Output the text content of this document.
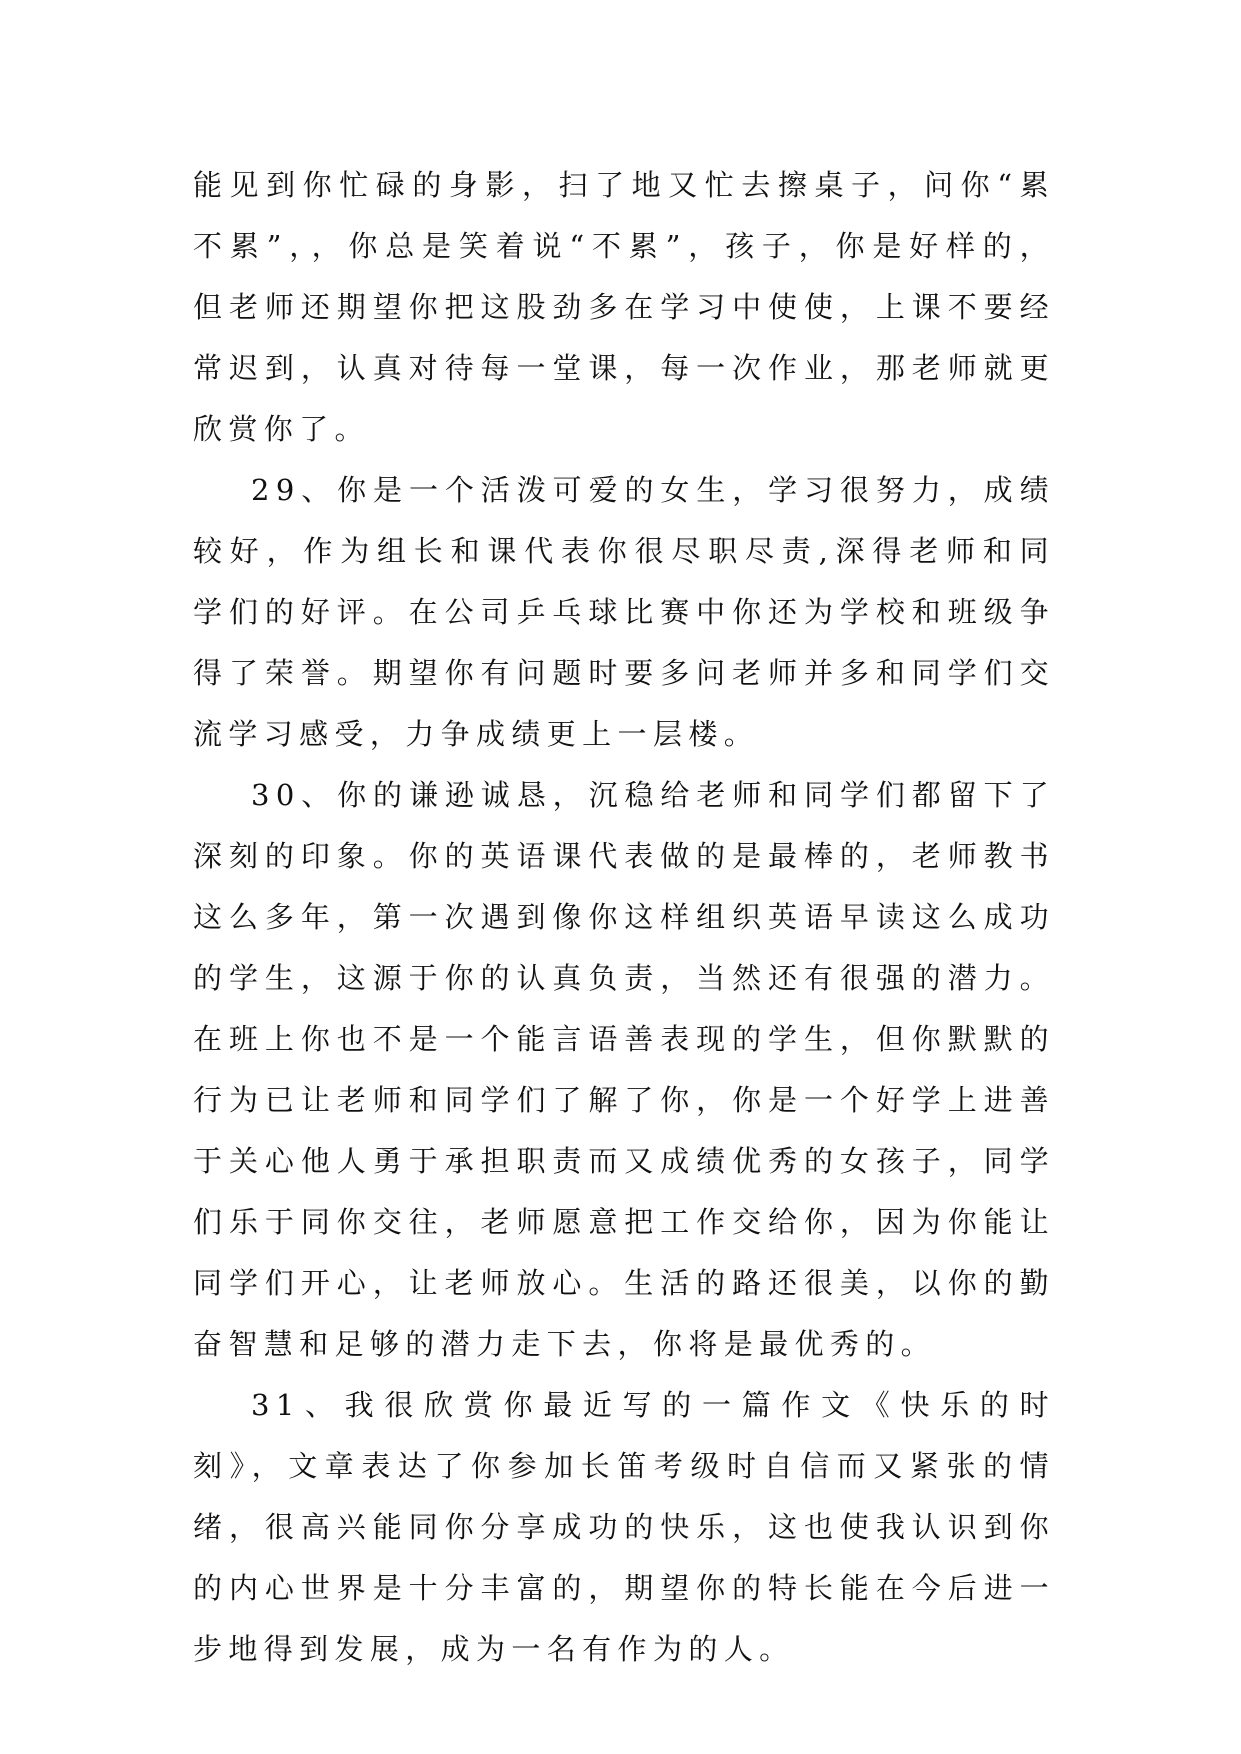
能见到你忙碌的身影，扫了地又忙去擦桌子，问你“累不累”，，你总是笑着说“不累”，孩子，你是好样的，但老师还期望你把这股劲多在学习中使使，上课不要经常迟到，认真对待每一堂课，每一次作业，那老师就更欣赏你了。

29、你是一个活泼可爱的女生，学习很努力，成绩较好，作为组长和课代表你很尽职尽责,深得老师和同学们的好评。在公司乒乓球比赛中你还为学校和班级争得了荣誉。期望你有问题时要多问老师并多和同学们交流学习感受，力争成绩更上一层楼。

30、你的谦逊诚恳，沉稳给老师和同学们都留下了深刻的印象。你的英语课代表做的是最棒的，老师教书这么多年，第一次遇到像你这样组织英语早读这么成功的学生，这源于你的认真负责，当然还有很强的潜力。在班上你也不是一个能言语善表现的学生，但你默默的行为已让老师和同学们了解了你，你是一个好学上进善于关心他人勇于承担职责而又成绩优秀的女孩子，同学们乐于同你交往，老师愿意把工作交给你，因为你能让同学们开心，让老师放心。生活的路还很美，以你的勤奋智慧和足够的潜力走下去，你将是最优秀的。

31、我很欣赏你最近写的一篇作文《快乐的时刻》，文章表达了你参加长笛考级时自信而又紧张的情绪，很高兴能同你分享成功的快乐，这也使我认识到你的内心世界是十分丰富的，期望你的特长能在今后进一步地得到发展，成为一名有作为的人。
